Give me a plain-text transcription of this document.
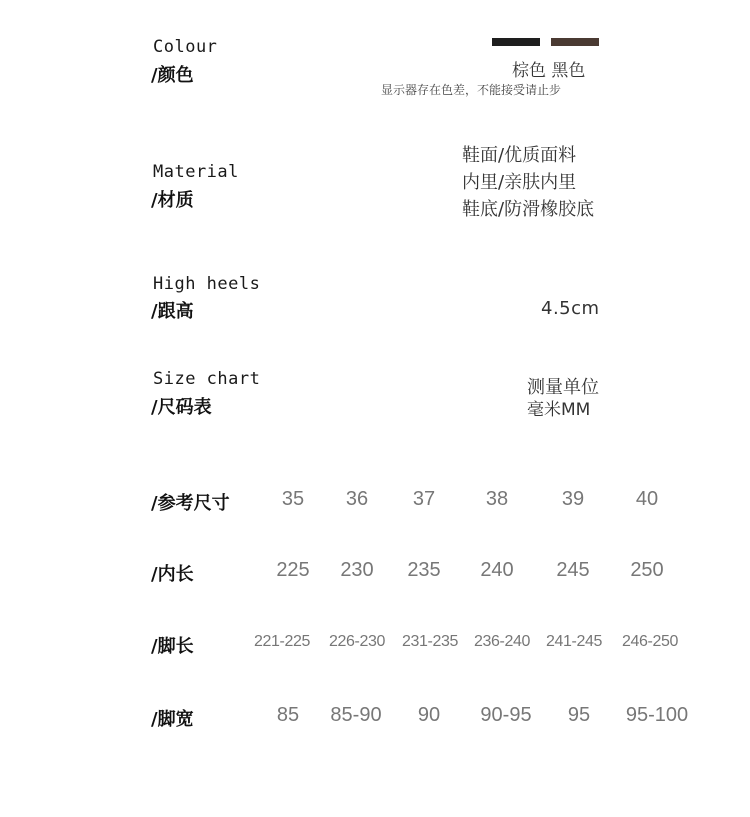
Colour
/颜色	棕色 黑色
显示器存在色差，不能接受请止步
Material
/材质
鞋面/优质面料
内里/亲肤内里
鞋底/防滑橡胶底
High heels
/跟高	4.5cm
Size chart
/尺码表
测量单位
毫米MM
/参考尺寸	35	36	37	38	39	40
/内长	225	230	235	240	245	250
/脚长	221-225	226-230	231-235	236-240	241-245	246-250
/脚宽	85	85-90	90	90-95	95	95-100
